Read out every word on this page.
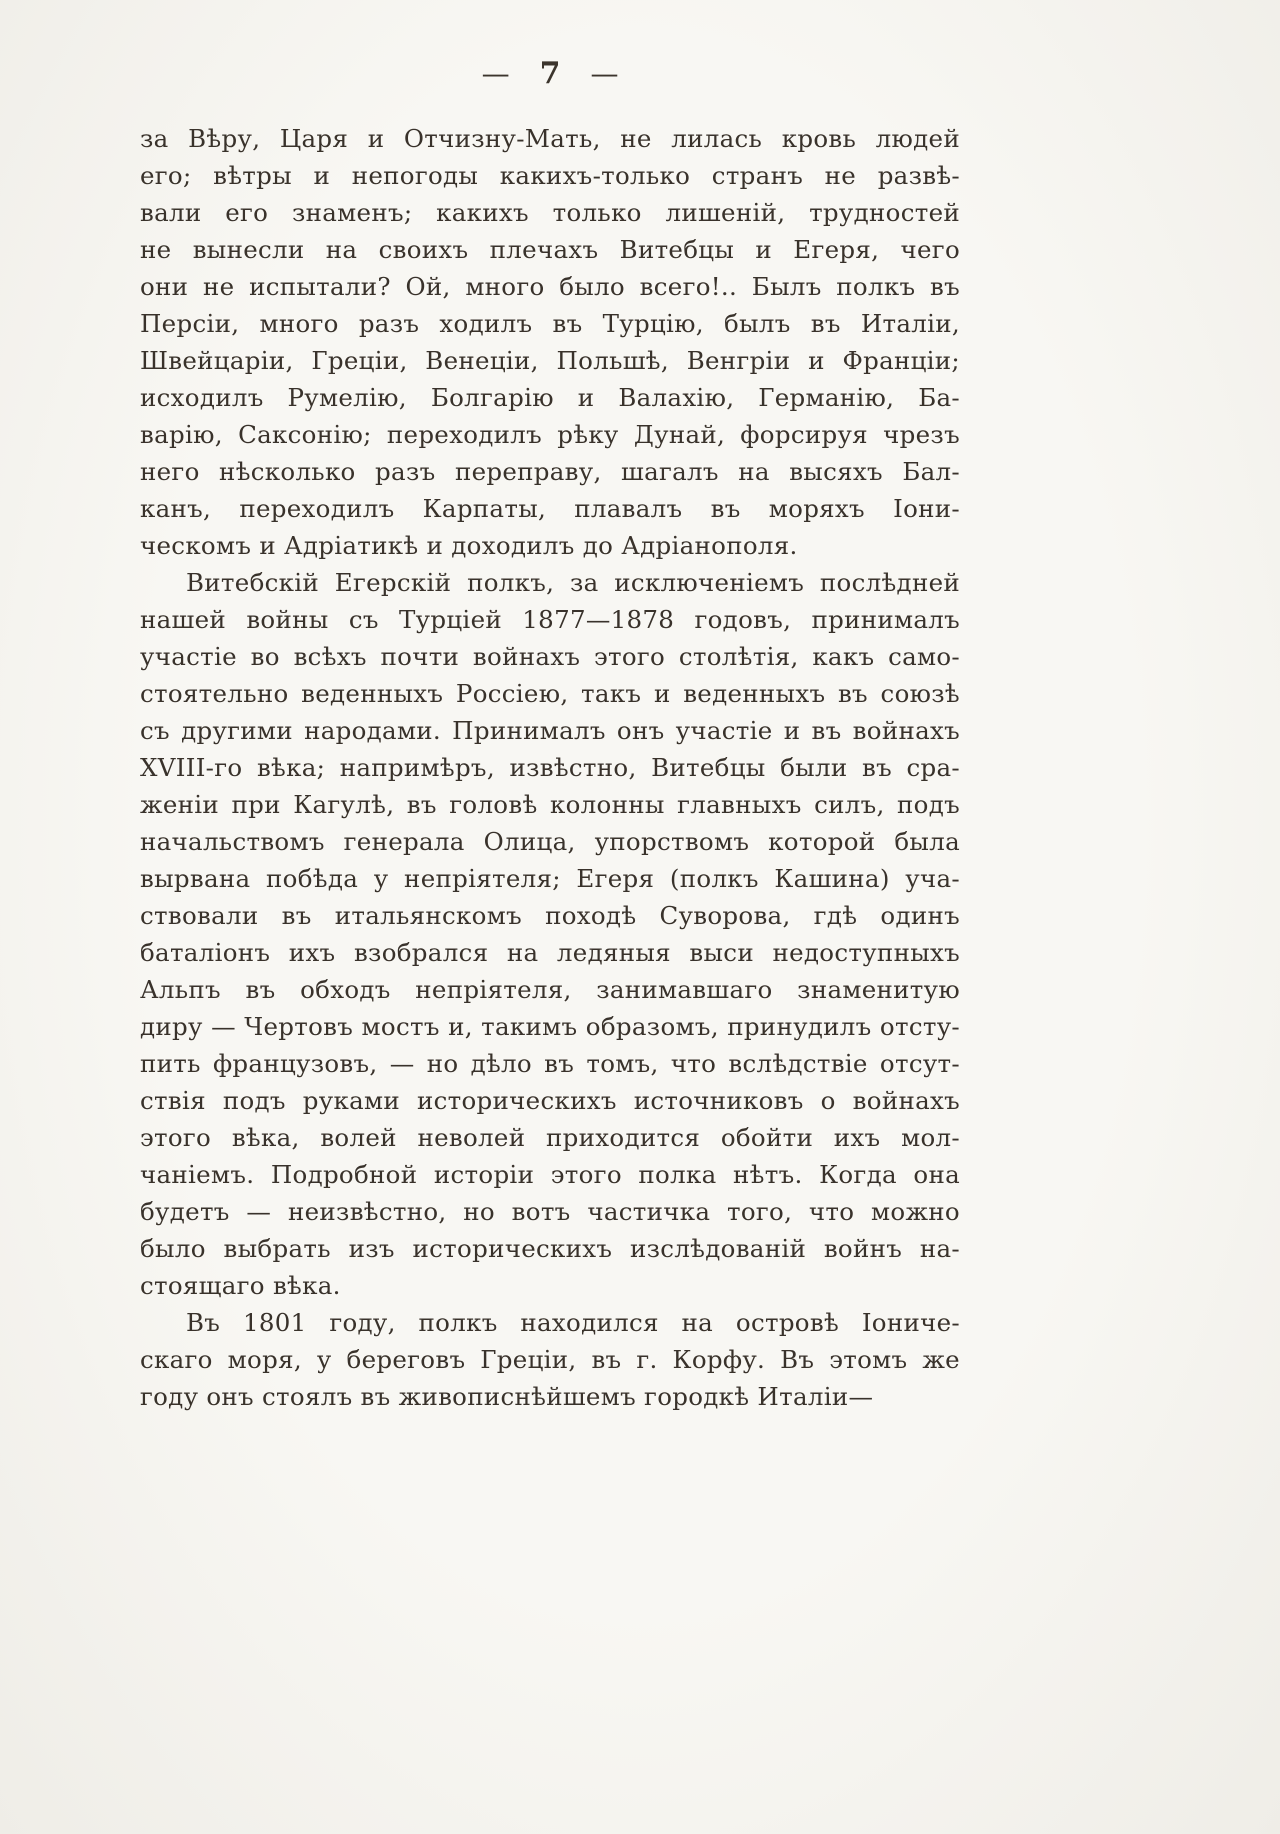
— 7 —
за Вѣру, Царя и Отчизну-Мать, не лилась кровь людей
его; вѣтры и непогоды какихъ-только странъ не развѣ-
вали его знаменъ; какихъ только лишеній, трудностей
не вынесли на своихъ плечахъ Витебцы и Егеря, чего
они не испытали? Ой, много было всего!.. Былъ полкъ въ
Персіи, много разъ ходилъ въ Турцію, былъ въ Италіи,
Швейцаріи, Греціи, Венеціи, Польшѣ, Венгріи и Франціи;
исходилъ Румелію, Болгарію и Валахію, Германію, Ба-
варію, Саксонію; переходилъ рѣку Дунай, форсируя чрезъ
него нѣсколько разъ переправу, шагалъ на высяхъ Бал-
канъ, переходилъ Карпаты, плавалъ въ моряхъ Іони-
ческомъ и Адріатикѣ и доходилъ до Адріанополя.
Витебскій Егерскій полкъ, за исключеніемъ послѣдней
нашей войны съ Турціей 1877—1878 годовъ, принималъ
участіе во всѣхъ почти войнахъ этого столѣтія, какъ само-
стоятельно веденныхъ Россіею, такъ и веденныхъ въ союзѣ
съ другими народами. Принималъ онъ участіе и въ войнахъ
XVIII-го вѣка; напримѣръ, извѣстно, Витебцы были въ сра-
женіи при Кагулѣ, въ головѣ колонны главныхъ силъ, подъ
начальствомъ генерала Олица, упорствомъ которой была
вырвана побѣда у непріятеля; Егеря (полкъ Кашина) уча-
ствовали въ итальянскомъ походѣ Суворова, гдѣ одинъ
баталіонъ ихъ взобрался на ледяныя выси недоступныхъ
Альпъ въ обходъ непріятеля, занимавшаго знаменитую
диру — Чертовъ мостъ и, такимъ образомъ, принудилъ отсту-
пить французовъ, — но дѣло въ томъ, что вслѣдствіе отсут-
ствія подъ руками историческихъ источниковъ о войнахъ
этого вѣка, волей неволей приходится обойти ихъ мол-
чаніемъ. Подробной исторіи этого полка нѣтъ. Когда она
будетъ — неизвѣстно, но вотъ частичка того, что можно
было выбрать изъ историческихъ изслѣдованій войнъ на-
стоящаго вѣка.
Въ 1801 году, полкъ находился на островѣ Іониче-
скаго моря, у береговъ Греціи, въ г. Корфу. Въ этомъ же
году онъ стоялъ въ живописнѣйшемъ городкѣ Италіи—
